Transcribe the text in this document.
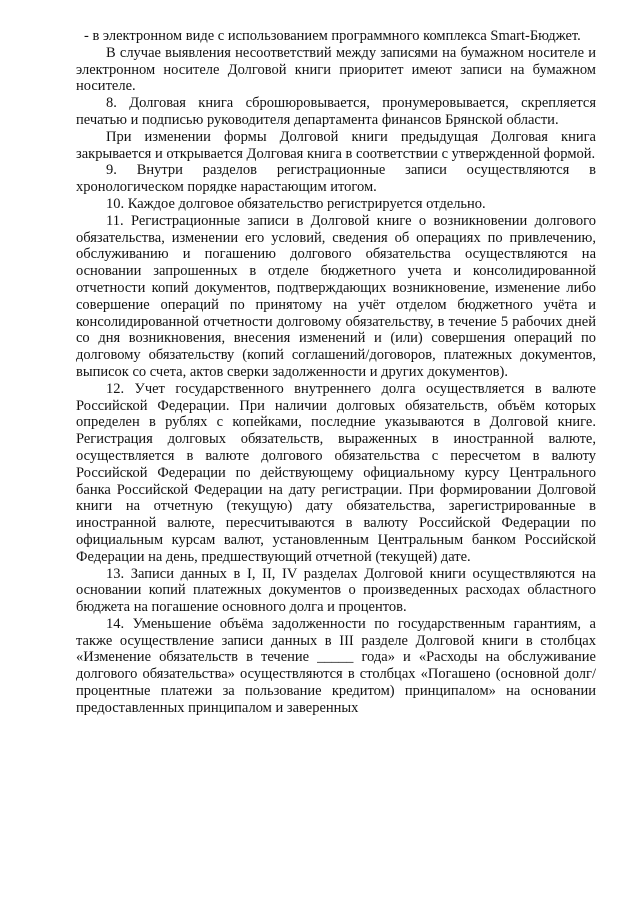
- в электронном виде с использованием программного комплекса Smart-Бюджет.

В случае выявления несоответствий между записями на бумажном носителе и электронном носителе Долговой книги приоритет имеют записи на бумажном носителе.

8. Долговая книга сброшюровывается, пронумеровывается, скрепляется печатью и подписью руководителя департамента финансов Брянской области.

При изменении формы Долговой книги предыдущая Долговая книга закрывается и открывается Долговая книга в соответствии с утвержденной формой.

9. Внутри разделов регистрационные записи осуществляются в хронологическом порядке нарастающим итогом.

10. Каждое долговое обязательство регистрируется отдельно.

11. Регистрационные записи в Долговой книге о возникновении долгового обязательства, изменении его условий, сведения об операциях по привлечению, обслуживанию и погашению долгового обязательства осуществляются на основании запрошенных в отделе бюджетного учета и консолидированной отчетности копий документов, подтверждающих возникновение, изменение либо совершение операций по принятому на учёт отделом бюджетного учёта и консолидированной отчетности долговому обязательству, в течение 5 рабочих дней со дня возникновения, внесения изменений и (или) совершения операций по долговому обязательству (копий соглашений/договоров, платежных документов, выписок со счета, актов сверки задолженности и других документов).

12. Учет государственного внутреннего долга осуществляется в валюте Российской Федерации. При наличии долговых обязательств, объём которых определен в рублях с копейками, последние указываются в Долговой книге. Регистрация долговых обязательств, выраженных в иностранной валюте, осуществляется в валюте долгового обязательства с пересчетом в валюту Российской Федерации по действующему официальному курсу Центрального банка Российской Федерации на дату регистрации. При формировании Долговой книги на отчетную (текущую) дату обязательства, зарегистрированные в иностранной валюте, пересчитываются в валюту Российской Федерации по официальным курсам валют, установленным Центральным банком Российской Федерации на день, предшествующий отчетной (текущей) дате.

13. Записи данных в I, II, IV разделах Долговой книги осуществляются на основании копий платежных документов о произведенных расходах областного бюджета на погашение основного долга и процентов.

14. Уменьшение объёма задолженности по государственным гарантиям, а также осуществление записи данных в III разделе Долговой книги в столбцах «Изменение обязательств в течение _____ года» и «Расходы на обслуживание долгового обязательства» осуществляются в столбцах «Погашено (основной долг/процентные платежи за пользование кредитом) принципалом» на основании предоставленных принципалом и заверенных
